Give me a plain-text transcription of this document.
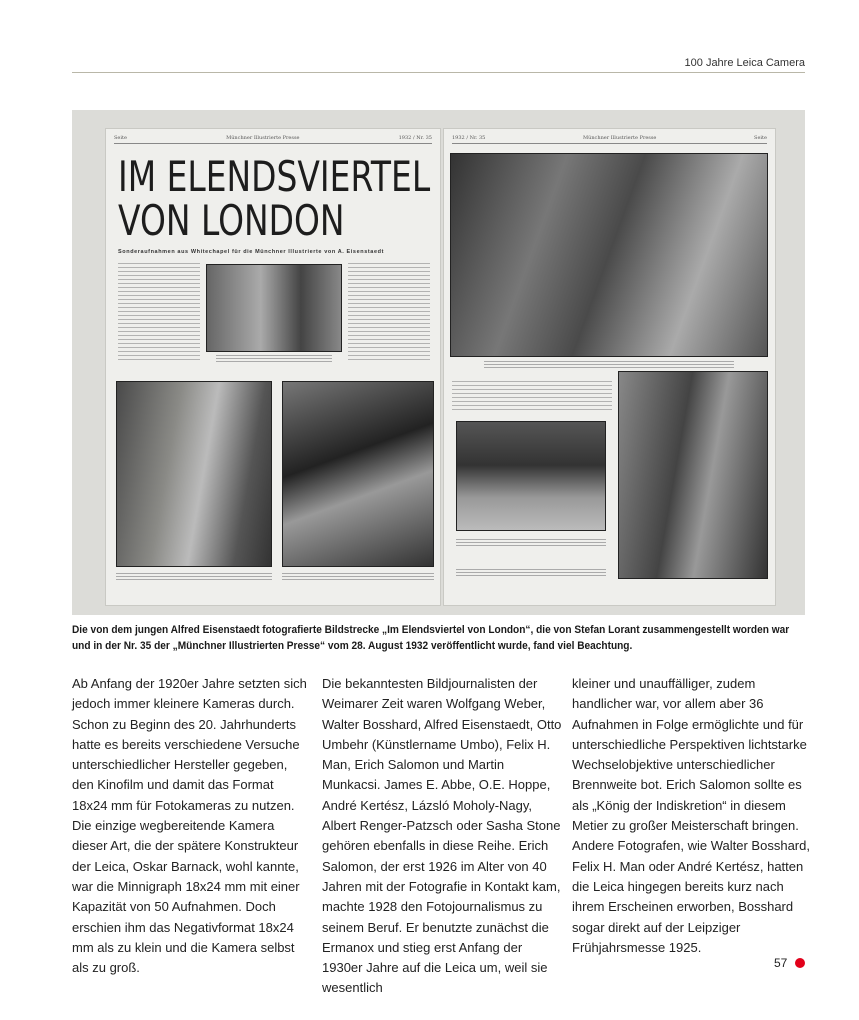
100 Jahre Leica Camera
Seite	Münchner Illustrierte Presse	1932 / Nr. 35
IM ELENDSVIERTEL
VON LONDON
Sonderaufnahmen aus Whitechapel für die Münchner Illustrierte von A. Eisenstaedt
1932 / Nr. 35	Münchner Illustrierte Presse	Seite
Die von dem jungen Alfred Eisenstaedt fotografierte Bildstrecke „Im Elendsviertel von London“, die von Stefan Lorant zusammengestellt worden war und in der Nr. 35 der „Münchner Illustrierten Presse“ vom 28. August 1932 veröffentlicht wurde, fand viel Beachtung.
Ab Anfang der 1920er Jahre setzten sich jedoch immer kleinere Kameras durch. Schon zu Beginn des 20. Jahrhunderts hatte es bereits verschiedene Versuche unterschiedlicher Hersteller gegeben, den Kinofilm und damit das Format 18x24 mm für Fotokameras zu nutzen. Die einzige wegbereitende Kamera dieser Art, die der spätere Konstrukteur der Leica, Oskar Barnack, wohl kannte, war die Minnigraph 18x24 mm mit einer Kapazität von 50 Aufnahmen. Doch erschien ihm das Negativformat 18x24 mm als zu klein und die Kamera selbst als zu groß.
Die bekanntesten Bildjournalisten der Weimarer Zeit waren Wolfgang Weber, Walter Bosshard, Alfred Eisenstaedt, Otto Umbehr (Künstlername Umbo), Felix H. Man, Erich Salomon und Martin Munkacsi. James E. Abbe, O.E. Hoppe, André Kertész, Lázsló Moholy-Nagy, Albert Renger-Patzsch oder Sasha Stone gehören ebenfalls in diese Reihe. Erich Salomon, der erst 1926 im Alter von 40 Jahren mit der Fotografie in Kontakt kam, machte 1928 den Fotojournalismus zu seinem Beruf. Er benutzte zunächst die Ermanox und stieg erst Anfang der 1930er Jahre auf die Leica um, weil sie wesentlich
kleiner und unauffälliger, zudem handlicher war, vor allem aber 36 Aufnahmen in Folge ermöglichte und für unterschiedliche Perspektiven lichtstarke Wechselobjektive unterschiedlicher Brennweite bot. Erich Salomon sollte es als „König der Indiskretion“ in diesem Metier zu großer Meisterschaft bringen. Andere Fotografen, wie Walter Bosshard, Felix H. Man oder André Kertész, hatten die Leica hingegen bereits kurz nach ihrem Erscheinen erworben, Bosshard sogar direkt auf der Leipziger Frühjahrsmesse 1925.
57
